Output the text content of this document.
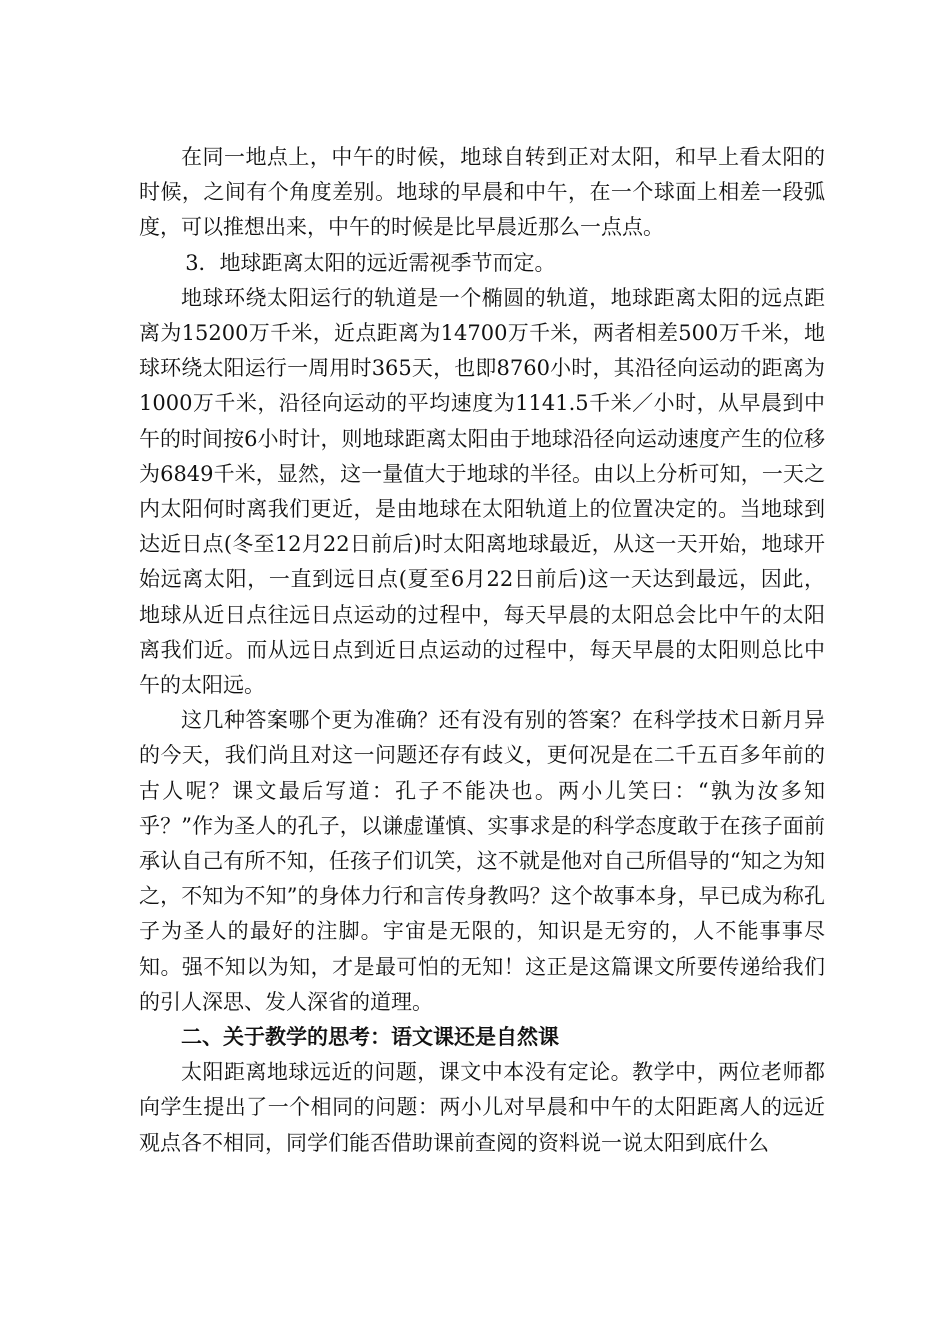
在同一地点上，中午的时候，地球自转到正对太阳，和早上看太阳的时候，之间有个角度差别。地球的早晨和中午，在一个球面上相差一段弧度，可以推想出来，中午的时候是比早晨近那么一点点。

3．地球距离太阳的远近需视季节而定。

地球环绕太阳运行的轨道是一个椭圆的轨道，地球距离太阳的远点距离为15200万千米，近点距离为14700万千米，两者相差500万千米，地球环绕太阳运行一周用时365天，也即8760小时，其沿径向运动的距离为1000万千米，沿径向运动的平均速度为1141.5千米／小时，从早晨到中午的时间按6小时计，则地球距离太阳由于地球沿径向运动速度产生的位移为6849千米，显然，这一量值大于地球的半径。由以上分析可知，一天之内太阳何时离我们更近，是由地球在太阳轨道上的位置决定的。当地球到达近日点(冬至12月22日前后)时太阳离地球最近，从这一天开始，地球开始远离太阳，一直到远日点(夏至6月22日前后)这一天达到最远，因此，地球从近日点往远日点运动的过程中，每天早晨的太阳总会比中午的太阳离我们近。而从远日点到近日点运动的过程中，每天早晨的太阳则总比中午的太阳远。

这几种答案哪个更为准确？还有没有别的答案？在科学技术日新月异的今天，我们尚且对这一问题还存有歧义，更何况是在二千五百多年前的古人呢？课文最后写道：孔子不能决也。两小儿笑曰：“孰为汝多知乎？”作为圣人的孔子，以谦虚谨慎、实事求是的科学态度敢于在孩子面前承认自己有所不知，任孩子们讥笑，这不就是他对自己所倡导的“知之为知之，不知为不知”的身体力行和言传身教吗？这个故事本身，早已成为称孔子为圣人的最好的注脚。宇宙是无限的，知识是无穷的，人不能事事尽知。强不知以为知，才是最可怕的无知！这正是这篇课文所要传递给我们的引人深思、发人深省的道理。

二、关于教学的思考：语文课还是自然课

太阳距离地球远近的问题，课文中本没有定论。教学中，两位老师都向学生提出了一个相同的问题：两小儿对早晨和中午的太阳距离人的远近观点各不相同，同学们能否借助课前查阅的资料说一说太阳到底什么
